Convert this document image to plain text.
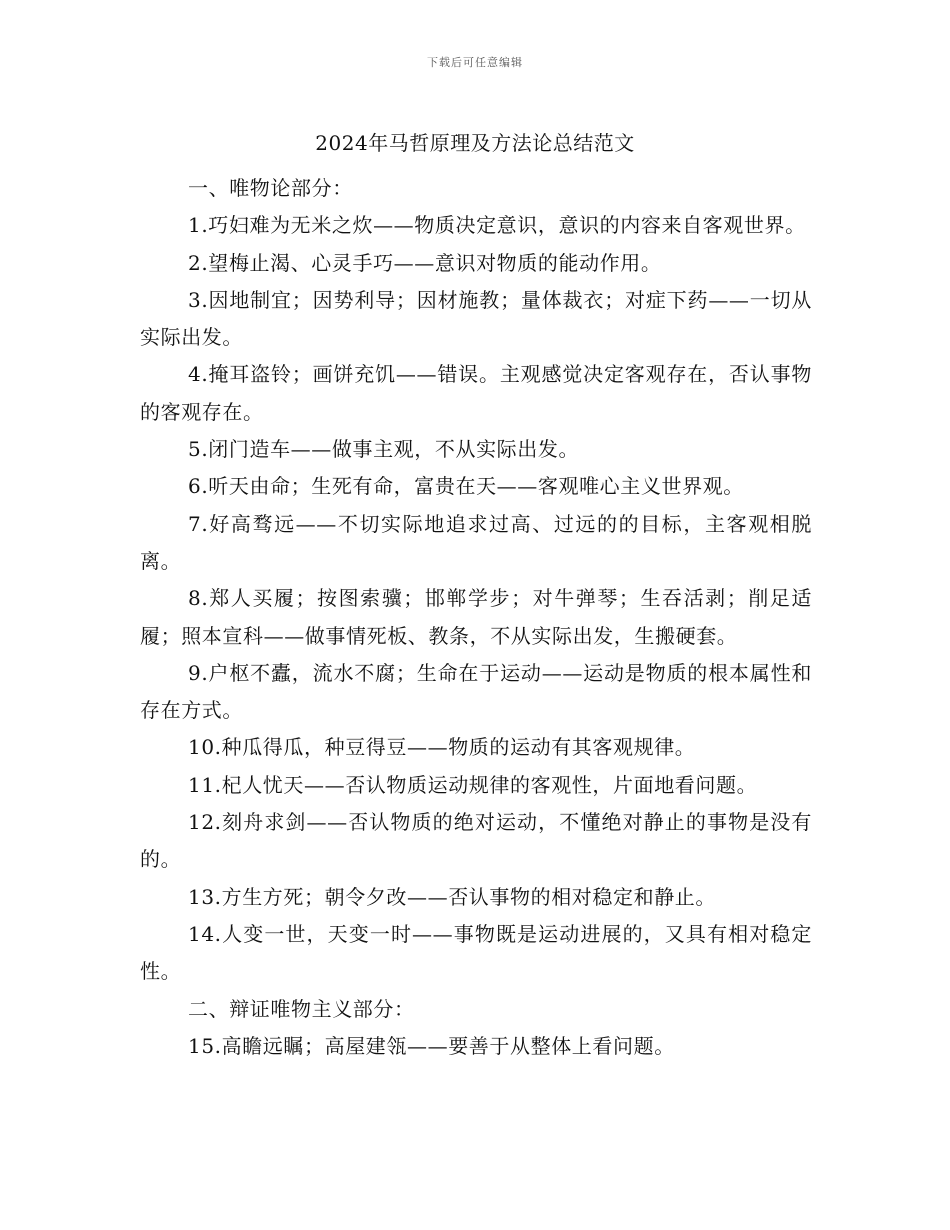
下载后可任意编辑
2024年马哲原理及方法论总结范文

一、唯物论部分：

1.巧妇难为无米之炊——物质决定意识，意识的内容来自客观世界。

2.望梅止渴、心灵手巧——意识对物质的能动作用。

3.因地制宜；因势利导；因材施教；量体裁衣；对症下药——一切从实际出发。

4.掩耳盗铃；画饼充饥——错误。主观感觉决定客观存在，否认事物的客观存在。

5.闭门造车——做事主观，不从实际出发。

6.听天由命；生死有命，富贵在天——客观唯心主义世界观。

7.好高骛远——不切实际地追求过高、过远的的目标，主客观相脱离。

8.郑人买履；按图索骥；邯郸学步；对牛弹琴；生吞活剥；削足适履；照本宣科——做事情死板、教条，不从实际出发，生搬硬套。

9.户枢不蠹，流水不腐；生命在于运动——运动是物质的根本属性和存在方式。

10.种瓜得瓜，种豆得豆——物质的运动有其客观规律。

11.杞人忧天——否认物质运动规律的客观性，片面地看问题。

12.刻舟求剑——否认物质的绝对运动，不懂绝对静止的事物是没有的。

13.方生方死；朝令夕改——否认事物的相对稳定和静止。

14.人变一世，天变一时——事物既是运动进展的，又具有相对稳定性。

二、辩证唯物主义部分：

15.高瞻远瞩；高屋建瓴——要善于从整体上看问题。
